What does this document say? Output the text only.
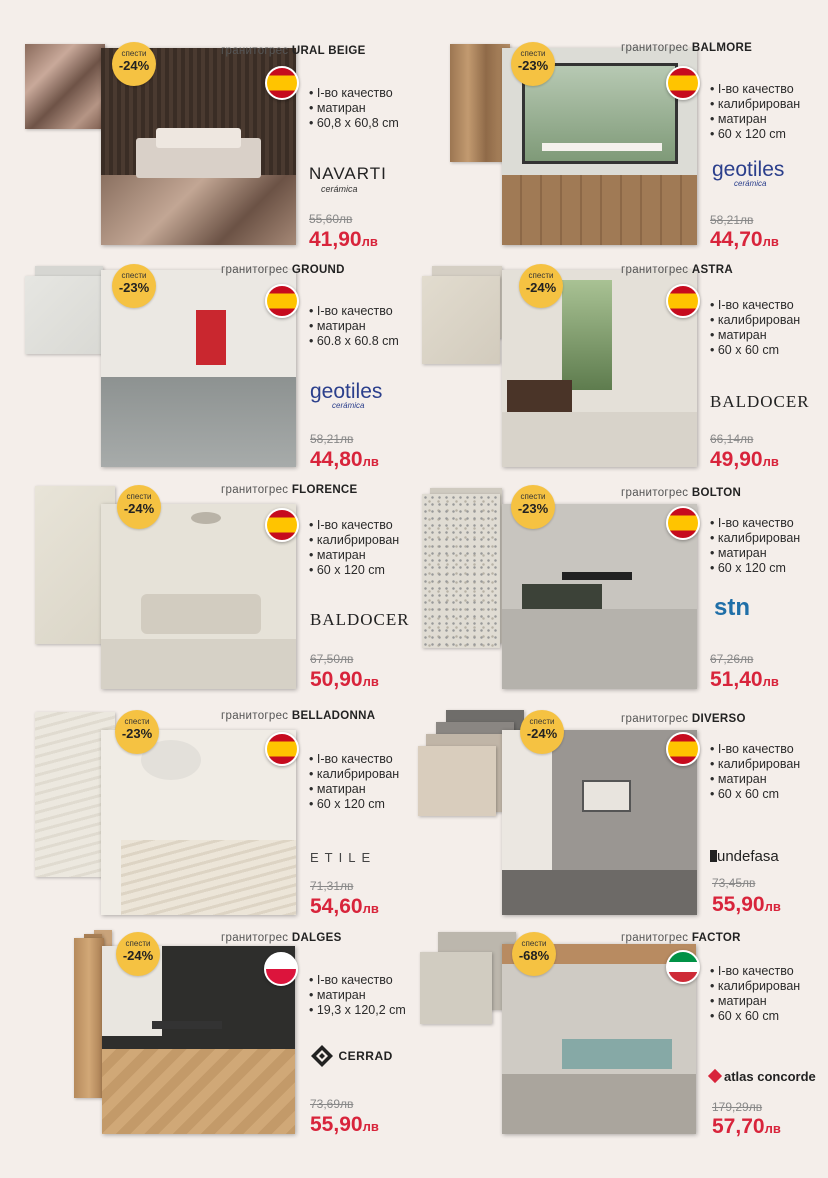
спести
-24%
гранитогрес URAL BEIGE
• I-во качество
• матиран
• 60,8 x 60,8 cm
NAVARTI
cerámica
55,60лв
41,90лв
спести
-23%
гранитогрес BALMORE
• I-во качество
• калибрирован
• матиран
• 60 x 120 cm
geotiles
cerámica
58,21лв
44,70лв
спести
-23%
гранитогрес GROUND
• I-во качество
• матиран
• 60.8 x 60.8 cm
geotiles
cerámica
58,21лв
44,80лв
спести
-24%
гранитогрес ASTRA
• I-во качество
• калибрирован
• матиран
• 60 x 60 cm
BALDOCER
66,14лв
49,90лв
спести
-24%
гранитогрес FLORENCE
• I-во качество
• калибрирован
• матиран
• 60 x 120 cm
BALDOCER
67,50лв
50,90лв
спести
-23%
гранитогрес BOLTON
• I-во качество
• калибрирован
• матиран
• 60 x 120 cm
stn
67,26лв
51,40лв
спести
-23%
гранитогрес BELLADONNA
• I-во качество
• калибрирован
• матиран
• 60 x 120 cm
ETILE
71,31лв
54,60лв
спести
-24%
гранитогрес DIVERSO
• I-во качество
• калибрирован
• матиран
• 60 x 60 cm
undefasa
73,45лв
55,90лв
спести
-24%
гранитогрес DALGES
• I-во качество
• матиран
• 19,3 x 120,2 cm
CERRAD
73,69лв
55,90лв
спести
-68%
гранитогрес FACTOR
• I-во качество
• калибрирован
• матиран
• 60 x 60 cm
atlas concorde
179,29лв
57,70лв
